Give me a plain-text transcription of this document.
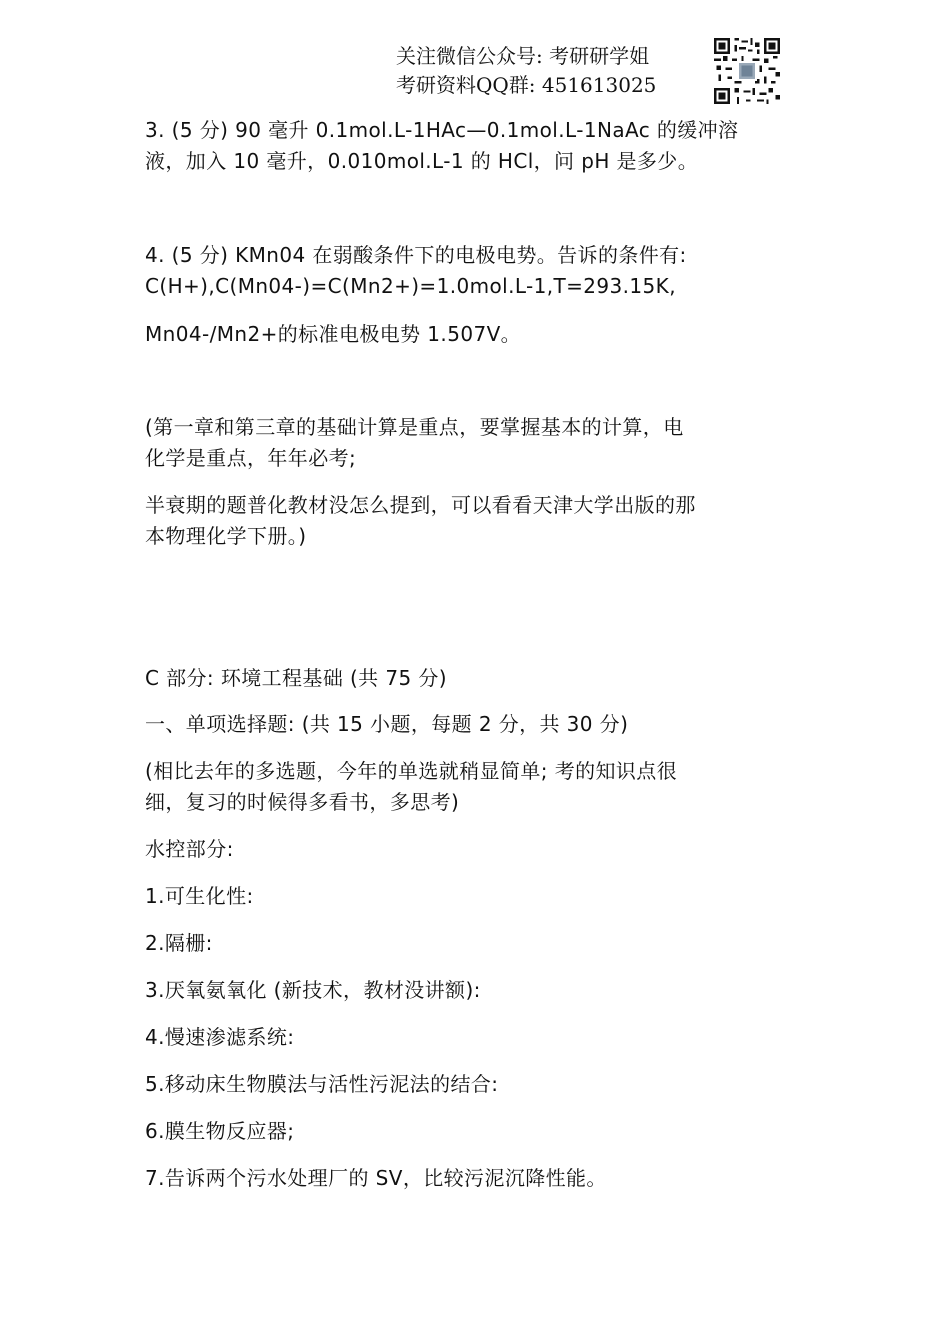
关注微信公众号: 考研研学姐
考研资料QQ群: 451613025
3. (5 分) 90 毫升 0.1mol.L-1HAc—0.1mol.L-1NaAc 的缓冲溶
液，加入 10 毫升，0.010mol.L-1 的 HCl，问 pH 是多少。
4. (5 分) KMn04 在弱酸条件下的电极电势。告诉的条件有:
C(H+),C(Mn04-)=C(Mn2+)=1.0mol.L-1,T=293.15K,
Mn04-/Mn2+的标准电极电势 1.507V。
(第一章和第三章的基础计算是重点，要掌握基本的计算，电
化学是重点，年年必考;
半衰期的题普化教材没怎么提到，可以看看天津大学出版的那
本物理化学下册。)
C 部分: 环境工程基础 (共 75 分)
一、单项选择题: (共 15 小题，每题 2 分，共 30 分)
(相比去年的多选题，今年的单选就稍显简单; 考的知识点很
细，复习的时候得多看书，多思考)
水控部分:
1.可生化性:
2.隔栅:
3.厌氧氨氧化 (新技术，教材没讲额):
4.慢速渗滤系统:
5.移动床生物膜法与活性污泥法的结合:
6.膜生物反应器;
7.告诉两个污水处理厂的 SV，比较污泥沉降性能。
